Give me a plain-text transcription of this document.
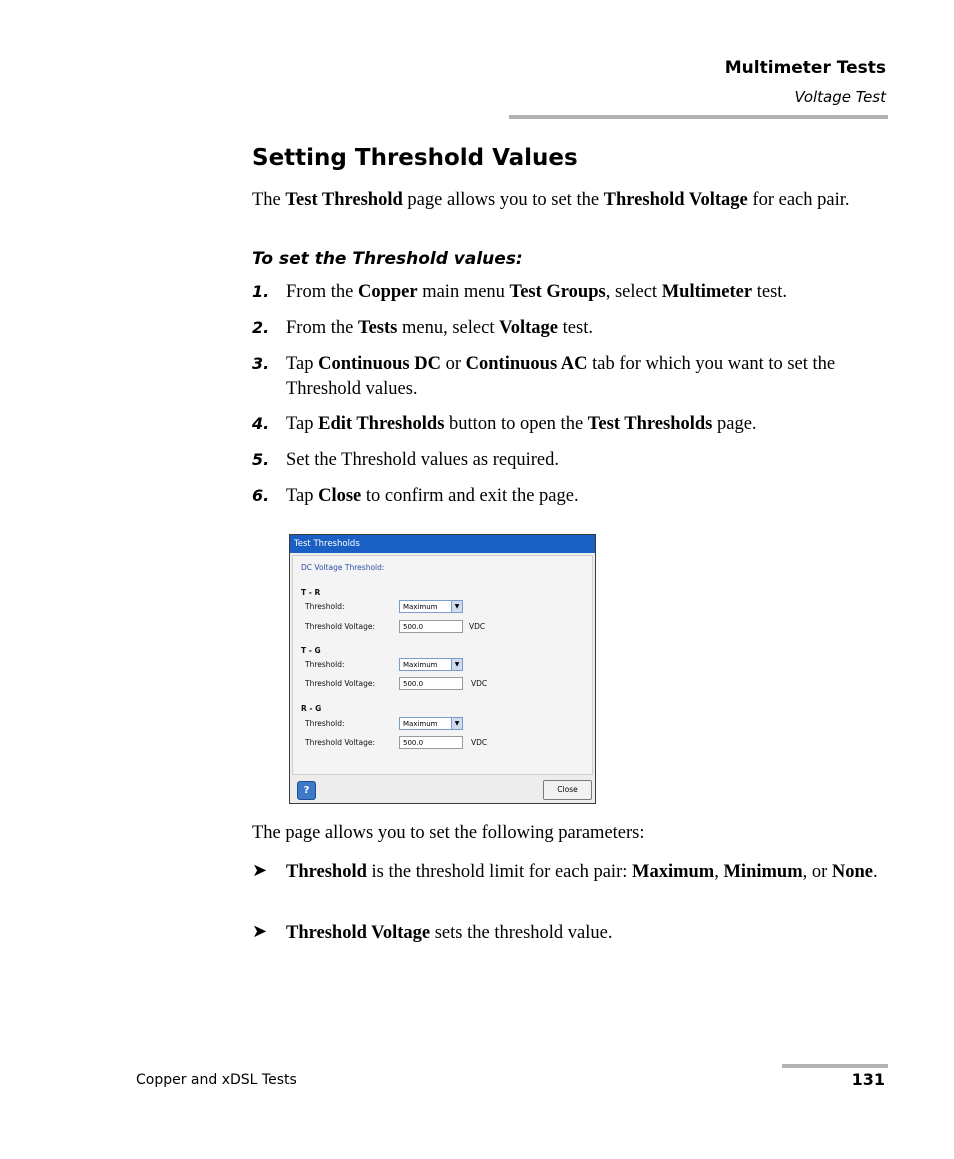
Multimeter Tests
Voltage Test
Setting Threshold Values
The Test Threshold page allows you to set the Threshold Voltage for each pair.
To set the Threshold values:
1. From the Copper main menu Test Groups, select Multimeter test.
2. From the Tests menu, select Voltage test.
3. Tap Continuous DC or Continuous AC tab for which you want to set the Threshold values.
4. Tap Edit Thresholds button to open the Test Thresholds page.
5. Set the Threshold values as required.
6. Tap Close to confirm and exit the page.
Test Thresholds
DC Voltage Threshold:
T - R
Threshold:	Maximum	▼
Threshold Voltage:	500.0	VDC
T - G
Threshold:	Maximum	▼
Threshold Voltage:	500.0	VDC
R - G
Threshold:	Maximum	▼
Threshold Voltage:	500.0	VDC
?	Close
The page allows you to set the following parameters:
➤ Threshold is the threshold limit for each pair: Maximum, Minimum, or None.
➤ Threshold Voltage sets the threshold value.
Copper and xDSL Tests	131
